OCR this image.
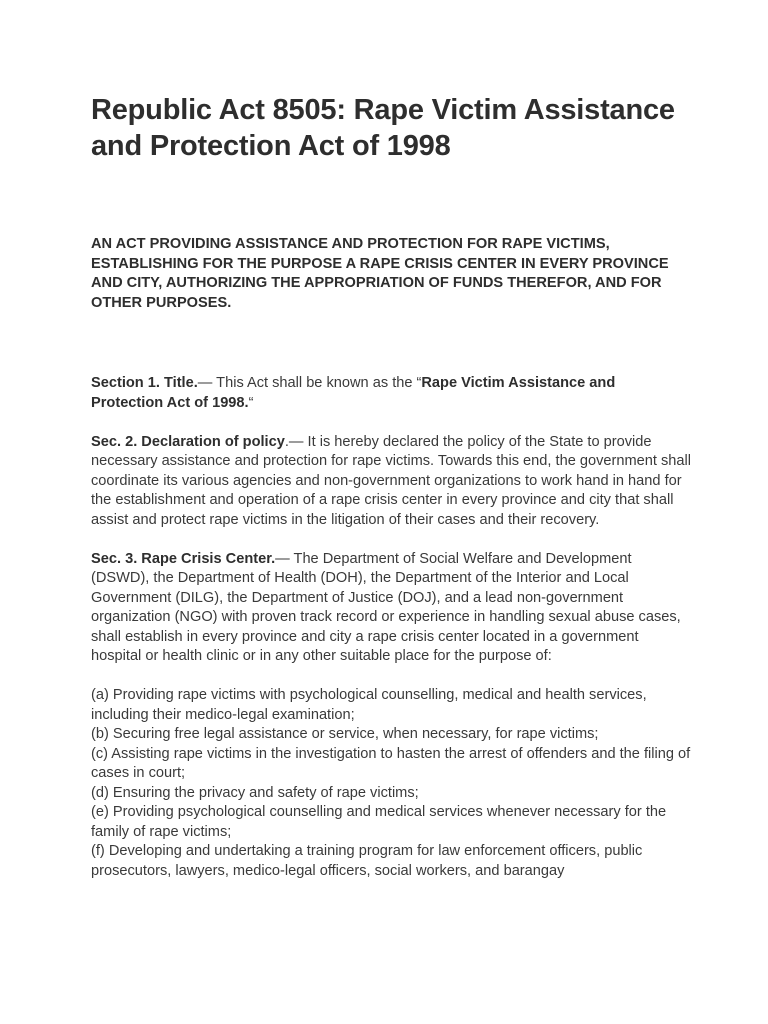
Republic Act 8505: Rape Victim Assistance and Protection Act of 1998

AN ACT PROVIDING ASSISTANCE AND PROTECTION FOR RAPE VICTIMS, ESTABLISHING FOR THE PURPOSE A RAPE CRISIS CENTER IN EVERY PROVINCE AND CITY, AUTHORIZING THE APPROPRIATION OF FUNDS THEREFOR, AND FOR OTHER PURPOSES.

Section 1. Title.— This Act shall be known as the “Rape Victim Assistance and Protection Act of 1998.“

Sec. 2. Declaration of policy.— It is hereby declared the policy of the State to provide necessary assistance and protection for rape victims. Towards this end, the government shall coordinate its various agencies and non-government organizations to work hand in hand for the establishment and operation of a rape crisis center in every province and city that shall assist and protect rape victims in the litigation of their cases and their recovery.

Sec. 3. Rape Crisis Center.— The Department of Social Welfare and Development (DSWD), the Department of Health (DOH), the Department of the Interior and Local Government (DILG), the Department of Justice (DOJ), and a lead non-government organization (NGO) with proven track record or experience in handling sexual abuse cases, shall establish in every province and city a rape crisis center located in a government hospital or health clinic or in any other suitable place for the purpose of:

(a) Providing rape victims with psychological counselling, medical and health services, including their medico-legal examination;
(b) Securing free legal assistance or service, when necessary, for rape victims;
(c) Assisting rape victims in the investigation to hasten the arrest of offenders and the filing of cases in court;
(d) Ensuring the privacy and safety of rape victims;
(e) Providing psychological counselling and medical services whenever necessary for the family of rape victims;
(f) Developing and undertaking a training program for law enforcement officers, public prosecutors, lawyers, medico-legal officers, social workers, and barangay
